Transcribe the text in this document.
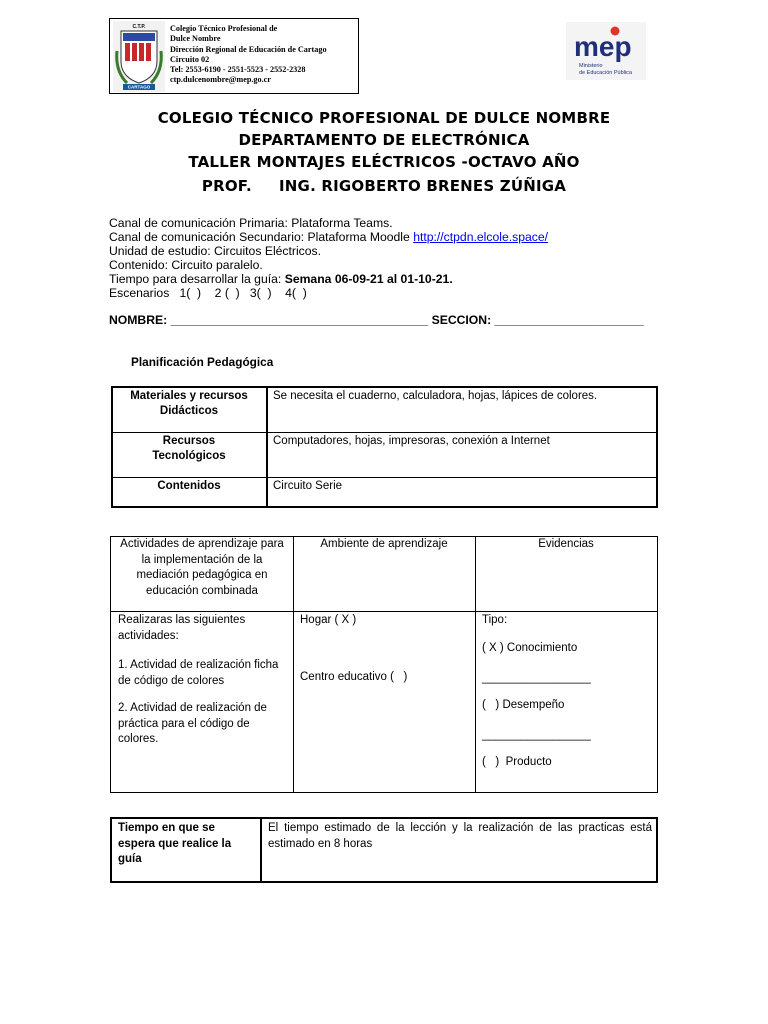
C.T.P.
CARTAGO
Colegio Técnico Profesional de
Dulce Nombre
Dirección Regional de Educación de Cartago
Circuito 02
Tel: 2553-6190 - 2551-5523 - 2552-2328
ctp.dulcenombre@mep.go.cr
mep
Ministerio
de Educación Pública
COLEGIO TÉCNICO PROFESIONAL DE DULCE NOMBRE
DEPARTAMENTO DE ELECTRÓNICA
TALLER MONTAJES ELÉCTRICOS -OCTAVO AÑO
PROF.     ING. RIGOBERTO BRENES ZÚÑIGA
Canal de comunicación Primaria: Plataforma Teams.
Canal de comunicación Secundario: Plataforma Moodle http://ctpdn.elcole.space/
Unidad de estudio: Circuitos Eléctricos.
Contenido: Circuito paralelo.
Tiempo para desarrollar la guía: Semana 06-09-21 al 01-10-21.
Escenarios   1(  )    2 (  )   3(  )    4(  )
NOMBRE: ______________________________________ SECCION: ______________________
Planificación Pedagógica
Materiales y recursos Didácticos
Se necesita el cuaderno, calculadora, hojas, lápices de colores.
Recursos Tecnológicos
Computadores, hojas, impresoras, conexión a Internet
Contenidos	Circuito Serie
Actividades de aprendizaje para la implementación de la mediación pedagógica en educación combinada
Ambiente de aprendizaje	Evidencias
Realizaras las siguientes actividades:
1. Actividad de realización ficha de código de colores
2. Actividad de realización de práctica para el código de colores.
Hogar ( X )
Centro educativo (   )
Tipo:
( X ) Conocimiento
_________________
(   ) Desempeño
_________________
(   )  Producto
Tiempo en que se espera que realice la guía
El tiempo estimado de la lección y la realización de las practicas está estimado en 8 horas
